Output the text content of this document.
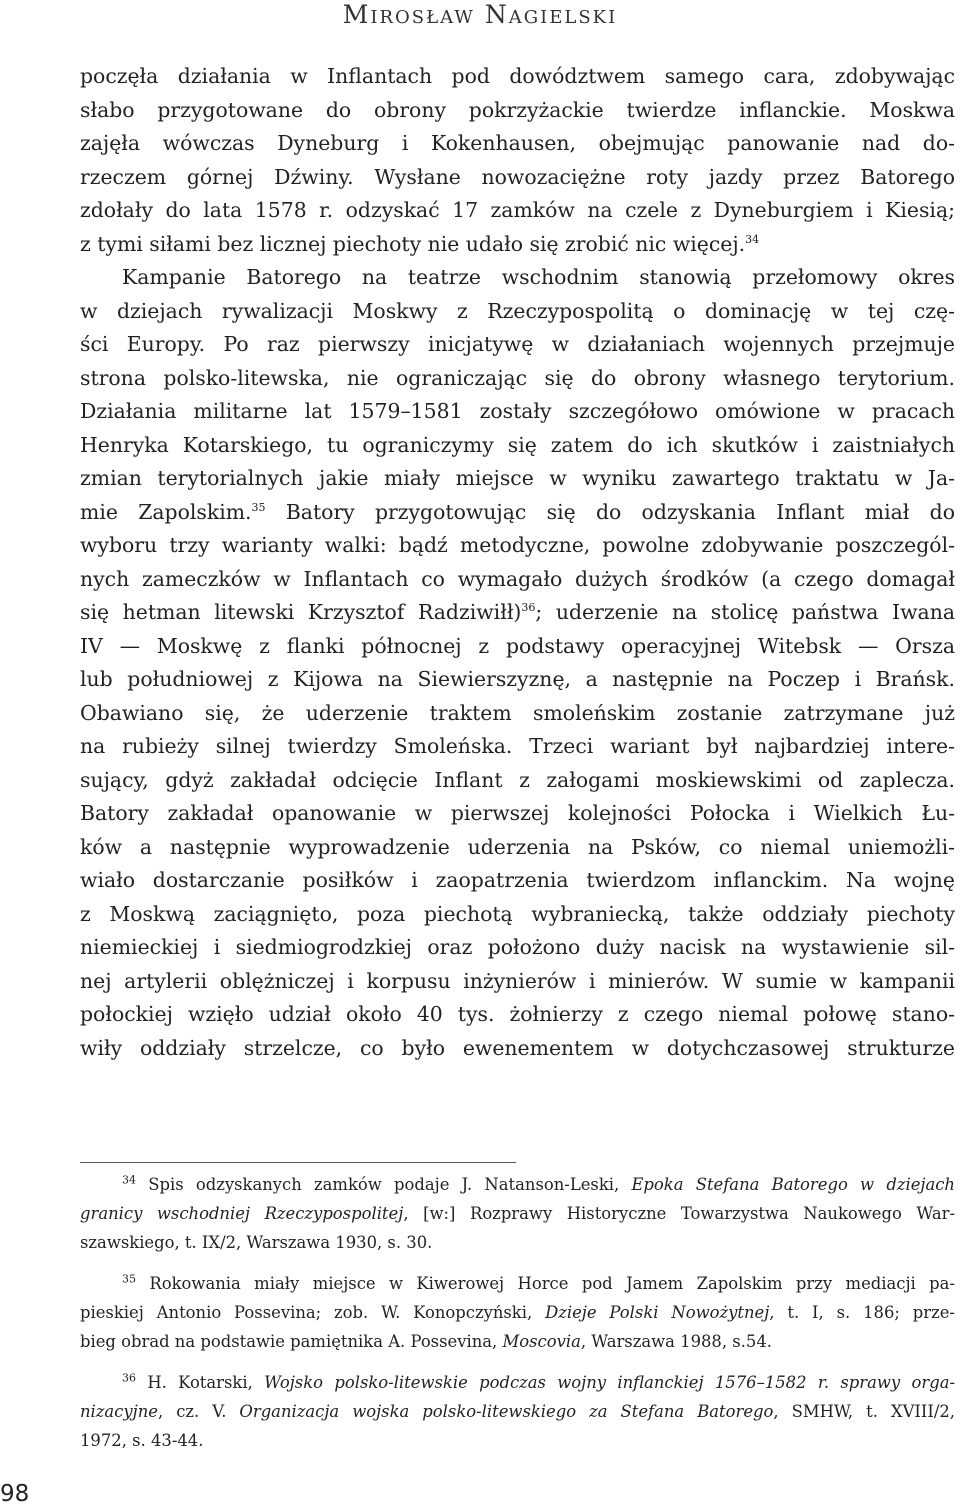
Mirosław Nagielski
poczęła działania w Inflantach pod dowództwem samego cara, zdobywając
słabo przygotowane do obrony pokrzyżackie twierdze inflanckie. Moskwa
zajęła wówczas Dyneburg i Kokenhausen, obejmując panowanie nad do-
rzeczem górnej Dźwiny. Wysłane nowozaciężne roty jazdy przez Batorego
zdołały do lata 1578 r. odzyskać 17 zamków na czele z Dyneburgiem i Kiesią;
z tymi siłami bez licznej piechoty nie udało się zrobić nic więcej.$^{34}$
Kampanie Batorego na teatrze wschodnim stanowią przełomowy okres
w dziejach rywalizacji Moskwy z Rzeczypospolitą o dominację w tej czę-
ści Europy. Po raz pierwszy inicjatywę w działaniach wojennych przejmuje
strona polsko-litewska, nie ograniczając się do obrony własnego terytorium.
Działania militarne lat 1579–1581 zostały szczegółowo omówione w pracach
Henryka Kotarskiego, tu ograniczymy się zatem do ich skutków i zaistniałych
zmian terytorialnych jakie miały miejsce w wyniku zawartego traktatu w Ja-
mie Zapolskim.$^{35}$ Batory przygotowując się do odzyskania Inflant miał do
wyboru trzy warianty walki: bądź metodyczne, powolne zdobywanie poszczegól-
nych zameczków w Inflantach co wymagało dużych środków (a czego domagał
się hetman litewski Krzysztof Radziwiłł)$^{36}$; uderzenie na stolicę państwa Iwana
IV — Moskwę z flanki północnej z podstawy operacyjnej Witebsk — Orsza
lub południowej z Kijowa na Siewierszyznę, a następnie na Poczep i Brańsk.
Obawiano się, że uderzenie traktem smoleńskim zostanie zatrzymane już
na rubieży silnej twierdzy Smoleńska. Trzeci wariant był najbardziej intere-
sujący, gdyż zakładał odcięcie Inflant z załogami moskiewskimi od zaplecza.
Batory zakładał opanowanie w pierwszej kolejności Połocka i Wielkich Łu-
ków a następnie wyprowadzenie uderzenia na Psków, co niemal uniemożli-
wiało dostarczanie posiłków i zaopatrzenia twierdzom inflanckim. Na wojnę
z Moskwą zaciągnięto, poza piechotą wybraniecką, także oddziały piechoty
niemieckiej i siedmiogrodzkiej oraz położono duży nacisk na wystawienie sil-
nej artylerii oblężniczej i korpusu inżynierów i minierów. W sumie w kampanii
połockiej wzięło udział około 40 tys. żołnierzy z czego niemal połowę stano-
wiły oddziały strzelcze, co było ewenementem w dotychczasowej strukturze
$^{34}$ Spis odzyskanych zamków podaje J. Natanson-Leski, Epoka Stefana Batorego w dziejach
granicy wschodniej Rzeczypospolitej, [w:] Rozprawy Historyczne Towarzystwa Naukowego War-
szawskiego, t. IX/2, Warszawa 1930, s. 30.
$^{35}$ Rokowania miały miejsce w Kiwerowej Horce pod Jamem Zapolskim przy mediacji pa-
pieskiej Antonio Possevina; zob. W. Konopczyński, Dzieje Polski Nowożytnej, t. I, s. 186; prze-
bieg obrad na podstawie pamiętnika A. Possevina, Moscovia, Warszawa 1988, s.54.
$^{36}$ H. Kotarski, Wojsko polsko-litewskie podczas wojny inflanckiej 1576–1582 r. sprawy orga-
nizacyjne, cz. V. Organizacja wojska polsko-litewskiego za Stefana Batorego, SMHW, t. XVIII/2,
1972, s. 43-44.
98
